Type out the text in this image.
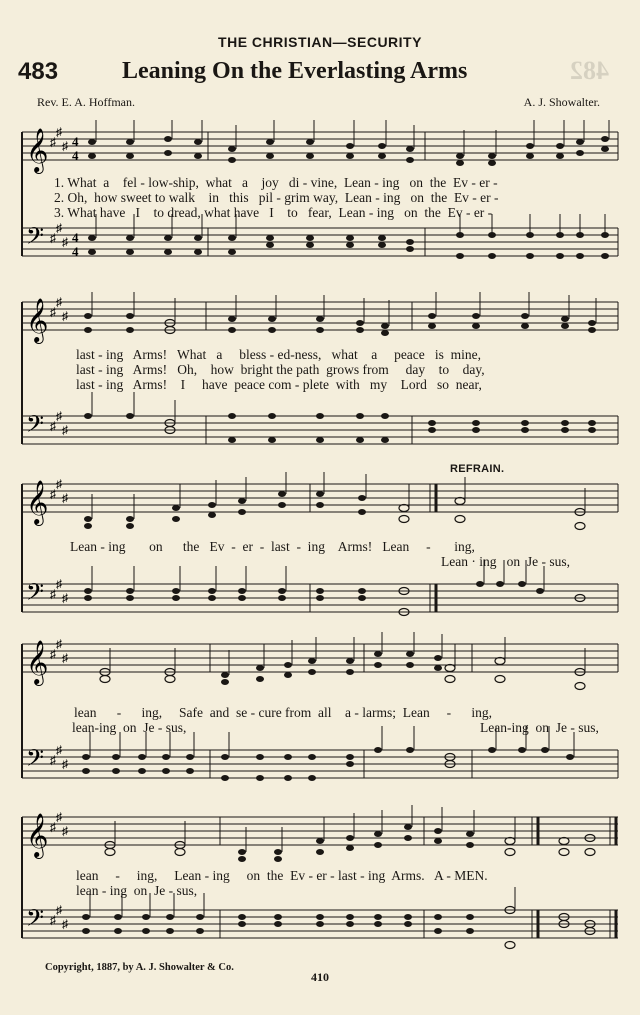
THE CHRISTIAN—SECURITY
483	Leaning On the Everlasting Arms	482
Rev. E. A. Hoffman.	A. J. Showalter.
𝄞
𝄢
♯
♯
♯
♯
♯
♯
4
4
4
4
1. What  a    fel - low-ship,  what   a    joy   di - vine,  Lean - ing   on  the  Ev - er -
2. Oh,  how sweet to walk    in   this   pil - grim way,  Lean - ing   on  the  Ev - er -
3. What have   I    to dread, what have   I    to   fear,  Lean - ing   on  the  Ev - er -
𝄞
𝄢
♯
♯
♯
♯
♯
♯
last - ing   Arms!   What   a     bless - ed-ness,   what    a     peace   is  mine,
last - ing   Arms!   Oh,    how  bright the path  grows from     day    to    day,
last - ing   Arms!    I     have  peace com - plete  with   my    Lord   so  near,
REFRAIN.
𝄞
𝄢
♯
♯
♯
♯
♯
♯
Lean - ing       on      the   Ev  -  er  -  last  -  ing    Arms!   Lean     -       ing,
Lean · ing   on  Je - sus,
𝄞
𝄢
♯
♯
♯
♯
♯
♯
lean      -      ing,     Safe  and  se - cure from  all    a - larms;  Lean     -      ing,
lean-ing  on  Je - sus,	Lean-ing  on  Je - sus,
𝄞
𝄢
♯
♯
♯
♯
♯
♯
lean     -     ing,     Lean - ing     on  the  Ev - er - last - ing  Arms.   A - MEN.
lean - ing  on  Je - sus,
Copyright, 1887, by A. J. Showalter & Co.
410
